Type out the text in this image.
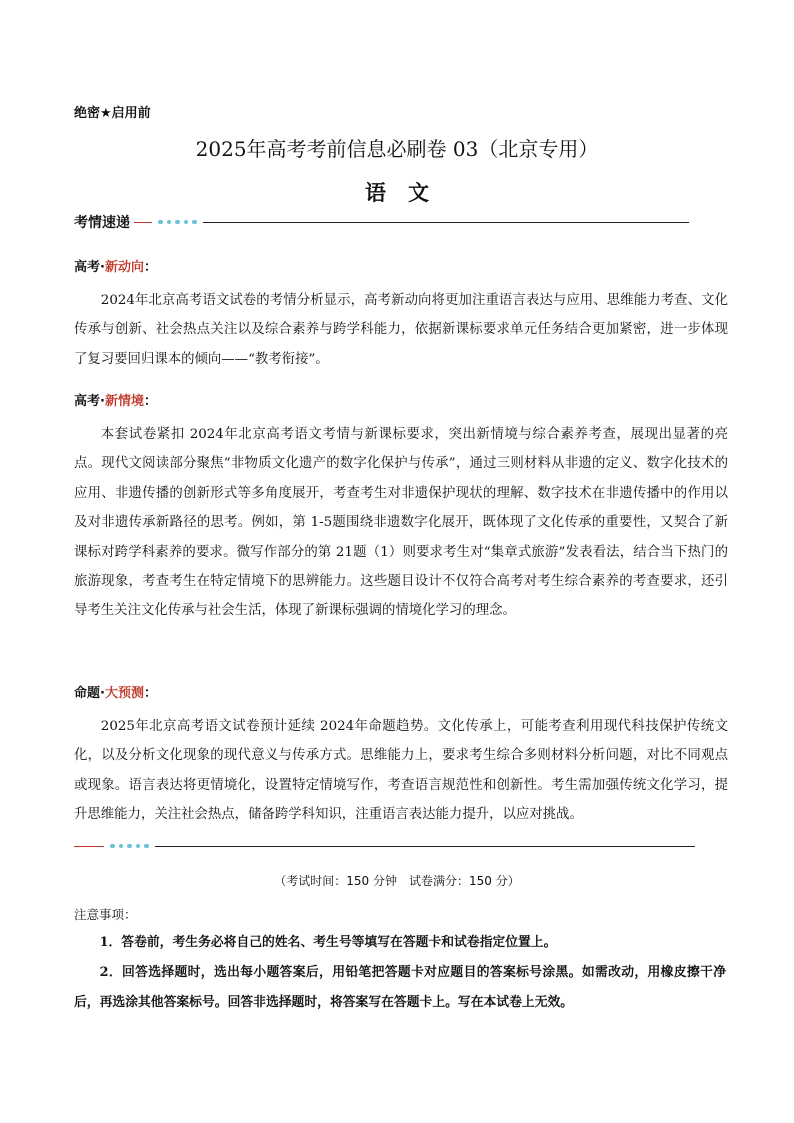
绝密★启用前
2025年高考考前信息必刷卷 03（北京专用）
语文
考情速递
高考·新动向：

2024年北京高考语文试卷的考情分析显示，高考新动向将更加注重语言表达与应用、思维能力考查、文化传承与创新、社会热点关注以及综合素养与跨学科能力，依据新课标要求单元任务结合更加紧密，进一步体现了复习要回归课本的倾向——“教考衔接”。

高考·新情境：

本套试卷紧扣 2024年北京高考语文考情与新课标要求，突出新情境与综合素养考查，展现出显著的亮点。现代文阅读部分聚焦“非物质文化遗产的数字化保护与传承”，通过三则材料从非遗的定义、数字化技术的应用、非遗传播的创新形式等多角度展开，考查考生对非遗保护现状的理解、数字技术在非遗传播中的作用以及对非遗传承新路径的思考。例如，第 1-5题围绕非遗数字化展开，既体现了文化传承的重要性，又契合了新课标对跨学科素养的要求。微写作部分的第 21题（1）则要求考生对“集章式旅游”发表看法，结合当下热门的旅游现象，考查考生在特定情境下的思辨能力。这些题目设计不仅符合高考对考生综合素养的考查要求，还引导考生关注文化传承与社会生活，体现了新课标强调的情境化学习的理念。

命题·大预测：

2025年北京高考语文试卷预计延续 2024年命题趋势。文化传承上，可能考查利用现代科技保护传统文化，以及分析文化现象的现代意义与传承方式。思维能力上，要求考生综合多则材料分析问题，对比不同观点或现象。语言表达将更情境化，设置特定情境写作，考查语言规范性和创新性。考生需加强传统文化学习，提升思维能力，关注社会热点，储备跨学科知识，注重语言表达能力提升，以应对挑战。

（考试时间：150 分钟　试卷满分：150 分）
注意事项：

1．答卷前，考生务必将自己的姓名、考生号等填写在答题卡和试卷指定位置上。

2．回答选择题时，选出每小题答案后，用铅笔把答题卡对应题目的答案标号涂黑。如需改动，用橡皮擦干净后，再选涂其他答案标号。回答非选择题时，将答案写在答题卡上。写在本试卷上无效。
